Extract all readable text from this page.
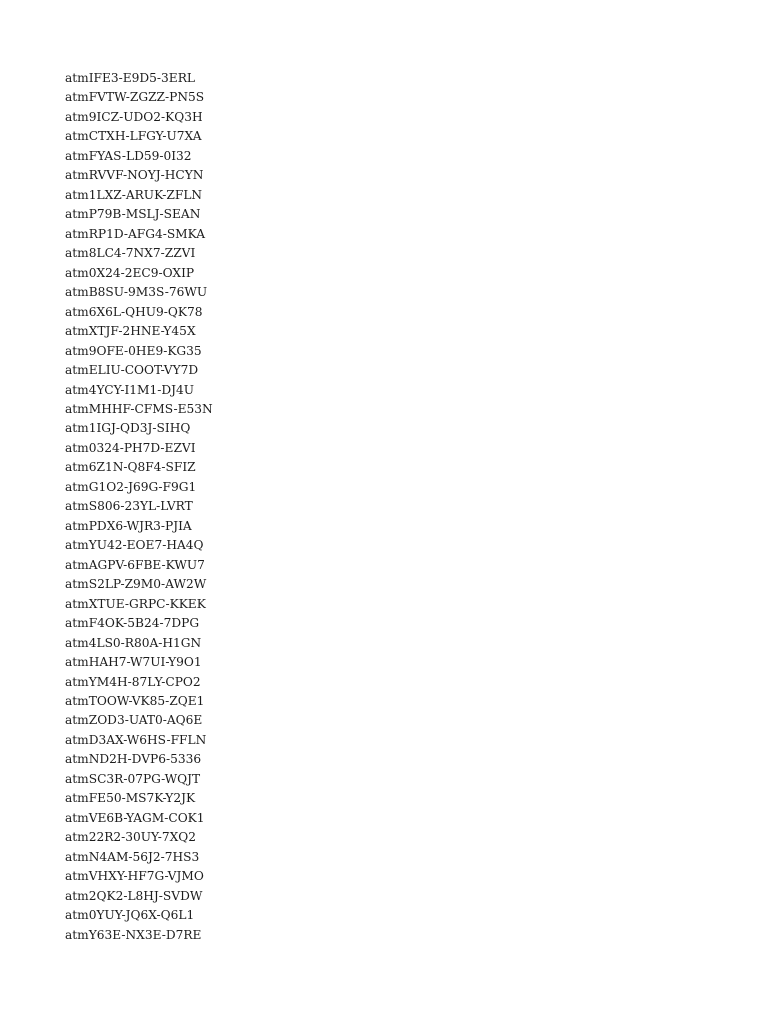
atmIFE3-E9D5-3ERL
atmFVTW-ZGZZ-PN5S
atm9ICZ-UDO2-KQ3H
atmCTXH-LFGY-U7XA
atmFYAS-LD59-0I32
atmRVVF-NOYJ-HCYN
atm1LXZ-ARUK-ZFLN
atmP79B-MSLJ-SEAN
atmRP1D-AFG4-SMKA
atm8LC4-7NX7-ZZVI
atm0X24-2EC9-OXIP
atmB8SU-9M3S-76WU
atm6X6L-QHU9-QK78
atmXTJF-2HNE-Y45X
atm9OFE-0HE9-KG35
atmELIU-COOT-VY7D
atm4YCY-I1M1-DJ4U
atmMHHF-CFMS-E53N
atm1IGJ-QD3J-SIHQ
atm0324-PH7D-EZVI
atm6Z1N-Q8F4-SFIZ
atmG1O2-J69G-F9G1
atmS806-23YL-LVRT
atmPDX6-WJR3-PJIA
atmYU42-EOE7-HA4Q
atmAGPV-6FBE-KWU7
atmS2LP-Z9M0-AW2W
atmXTUE-GRPC-KKEK
atmF4OK-5B24-7DPG
atm4LS0-R80A-H1GN
atmHAH7-W7UI-Y9O1
atmYM4H-87LY-CPO2
atmTOOW-VK85-ZQE1
atmZOD3-UAT0-AQ6E
atmD3AX-W6HS-FFLN
atmND2H-DVP6-5336
atmSC3R-07PG-WQJT
atmFE50-MS7K-Y2JK
atmVE6B-YAGM-COK1
atm22R2-30UY-7XQ2
atmN4AM-56J2-7HS3
atmVHXY-HF7G-VJMO
atm2QK2-L8HJ-SVDW
atm0YUY-JQ6X-Q6L1
atmY63E-NX3E-D7RE
